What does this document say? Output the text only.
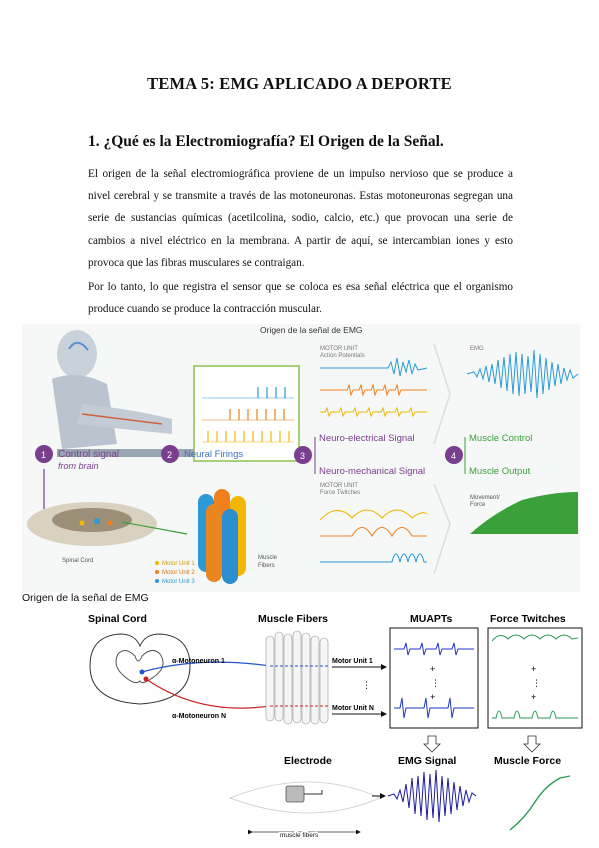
TEMA 5: EMG APLICADO A DEPORTE
1. ¿Qué es la Electromiografía? El Origen de la Señal.
El origen de la señal electromiográfica proviene de un impulso nervioso que se produce a nivel cerebral y se transmite a través de las motoneuronas. Estas motoneuronas segregan una serie de sustancias químicas (acetilcolina, sodio, calcio, etc.) que provocan una serie de cambios a nivel eléctrico en la membrana. A partir de aquí, se intercambian iones y esto provoca que las fibras musculares se contraigan.
Por lo tanto, lo que registra el sensor que se coloca es esa señal eléctrica que el organismo produce cuando se produce la contracción muscular.
Origen de la señal de EMG
1 Control signal
from brain
Spinal Cord	Motor Unit 1
Motor Unit 2
Motor Unit 3
2 Neural Firings
Muscle
Fibers
3
Neuro-electrical Signal
Neuro-mechanical Signal
MOTOR UNIT
Action Potentials
MOTOR UNIT
Force Twitches
4
Muscle Control
Muscle Output
EMG
Movement/
Force
Origen de la señal de EMG
Spinal Cord	Muscle Fibers	MUAPTs	Force Twitches
α-Motoneuron 1
α-Motoneuron N
Motor Unit 1
Motor Unit N
⋮
+
⋮
+
+
⋮
+
Electrode	EMG Signal	Muscle Force
muscle fibers
